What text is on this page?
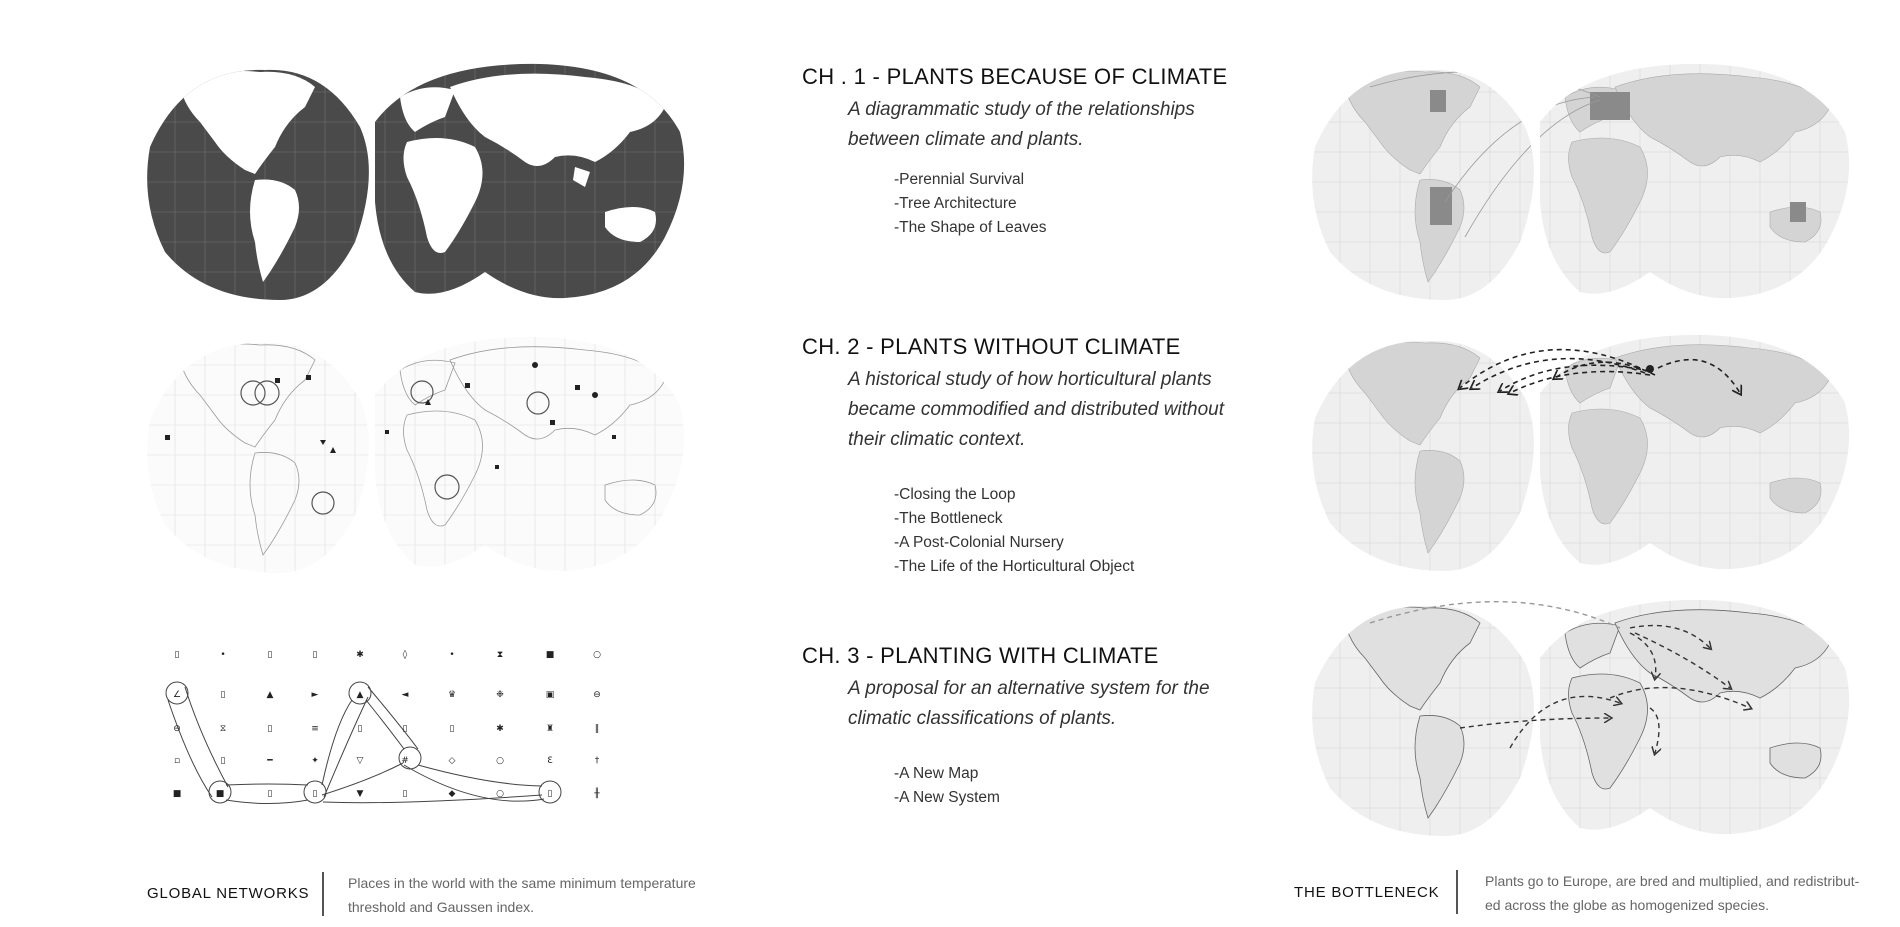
▯	•	▯	▯	✱	◊	•	⧗	■	○
∠	▯	▲	►	▲	◄	♛	❉	▣	⊖
⊖	⧖	▯	≡	▯	▯	▯	✱	♜	‖
▫	▯	━	✦	▽	#	◇	○	Ɛ	†
■	■	▯	▯	▼	▯	◆	○	▯	╫
CH . 1 - PLANTS BECAUSE OF CLIMATE
A diagrammatic study of the relationships
between climate and plants.
-Perennial Survival
-Tree Architecture
-The Shape of Leaves
CH. 2 - PLANTS WITHOUT CLIMATE
A historical study of how horticultural plants
became commodified and distributed without
their climatic context.
-Closing the Loop
-The Bottleneck
-A Post-Colonial Nursery
-The Life of the Horticultural Object
CH. 3 - PLANTING WITH CLIMATE
A proposal for an alternative system for the
climatic classifications of plants.
-A New Map
-A New System
GLOBAL NETWORKS
Places in the world with the same minimum temperature
threshold and Gaussen index.
THE BOTTLENECK
Plants go to Europe, are bred and multiplied, and redistribut-
ed across the globe as homogenized species.
